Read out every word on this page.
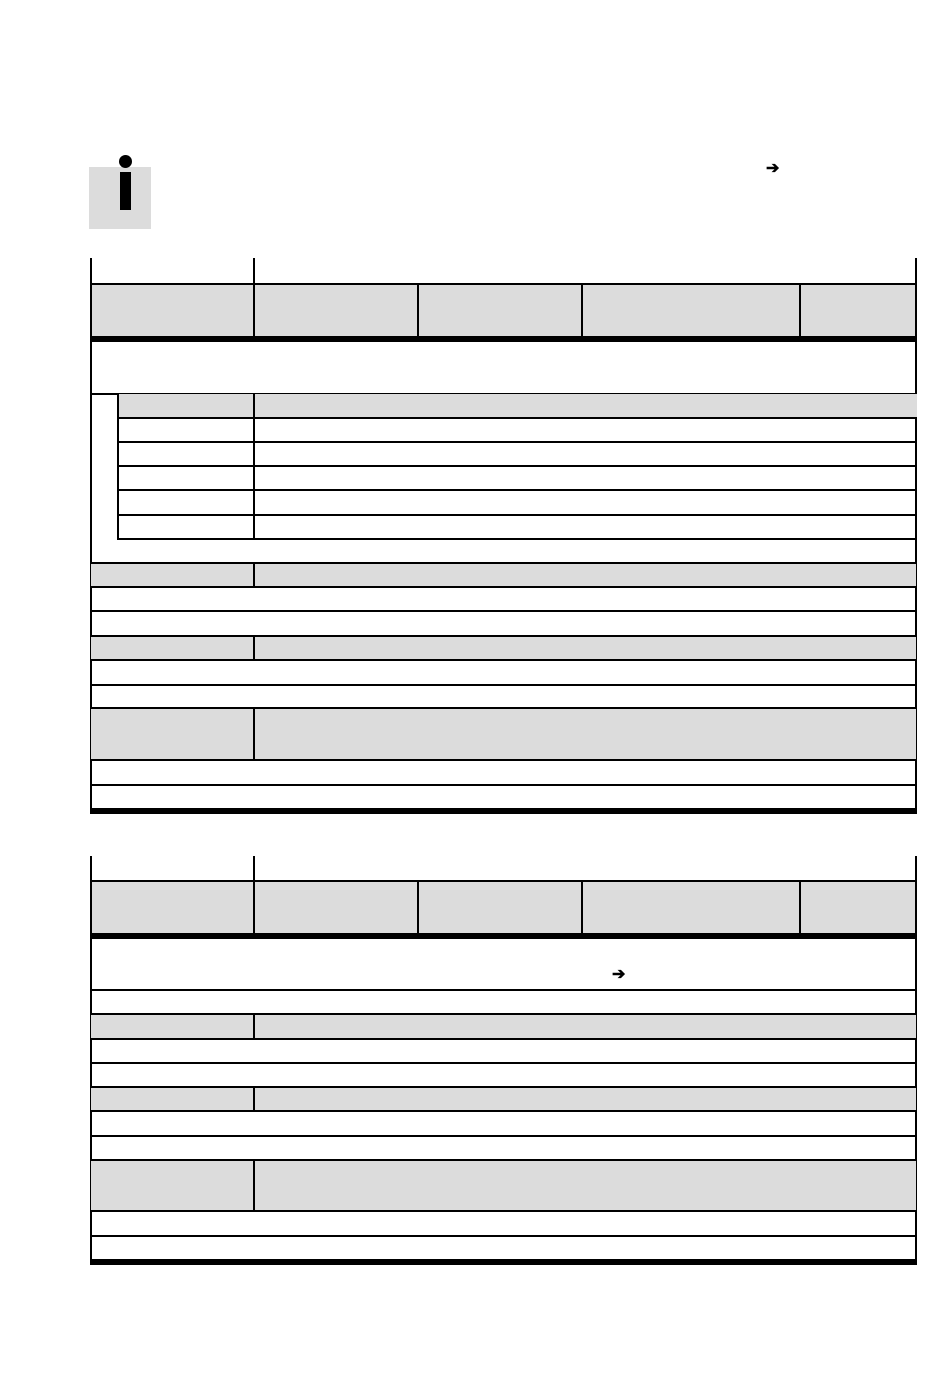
➔
➔
